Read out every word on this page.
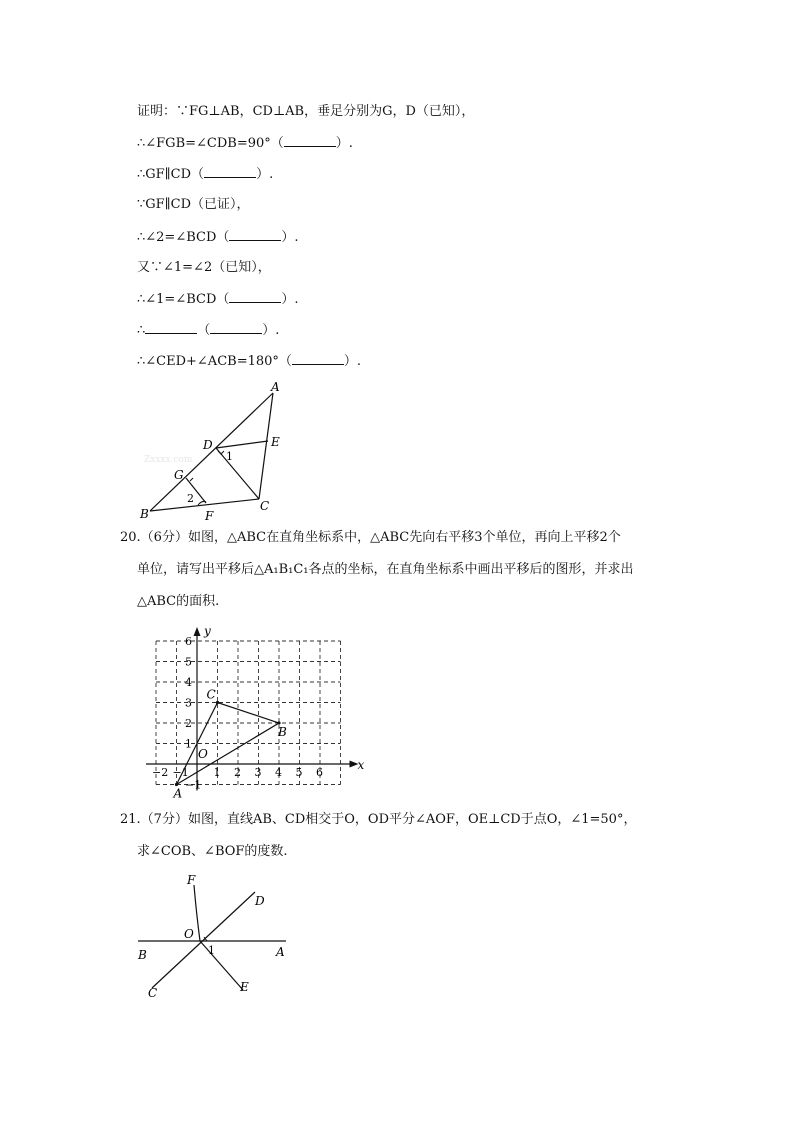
证明：∵FG⊥AB，CD⊥AB，垂足分别为G，D（已知），
∴∠FGB=∠CDB=90°（	）.
∴GF∥CD（	）.
∵GF∥CD（已证），
∴∠2=∠BCD（	）.
又∵∠1=∠2（已知），
∴∠1=∠BCD（	）.
∴	（	）.
∴∠CED+∠ACB=180°（	）.
Zxxxx.com
A
B
C
D	E
F
G
1
2
20.（6分）如图，△ABC在直角坐标系中，△ABC先向右平移3个单位，再向上平移2个
单位，请写出平移后△A₁B₁C₁各点的坐标，在直角坐标系中画出平移后的图形，并求出
△ABC的面积.
−2 −1 1 2 3 4 5 6
6
5
4
3
2
1
−1
x
y
O
A
B
C
21.（7分）如图，直线AB、CD相交于O，OD平分∠AOF，OE⊥CD于点O，∠1=50°，
求∠COB、∠BOF的度数.
F
D
O
1
B	A
C	E
